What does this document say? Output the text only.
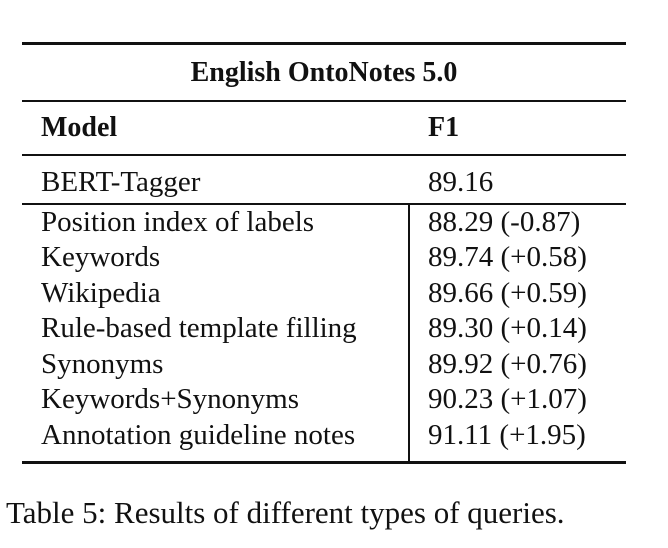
English OntoNotes 5.0
Model	F1
BERT-Tagger	89.16
Position index of labels	88.29 (-0.87)
Keywords	89.74 (+0.58)
Wikipedia	89.66 (+0.59)
Rule-based template filling	89.30 (+0.14)
Synonyms	89.92 (+0.76)
Keywords+Synonyms	90.23 (+1.07)
Annotation guideline notes	91.11 (+1.95)
Table 5: Results of different types of queries.
